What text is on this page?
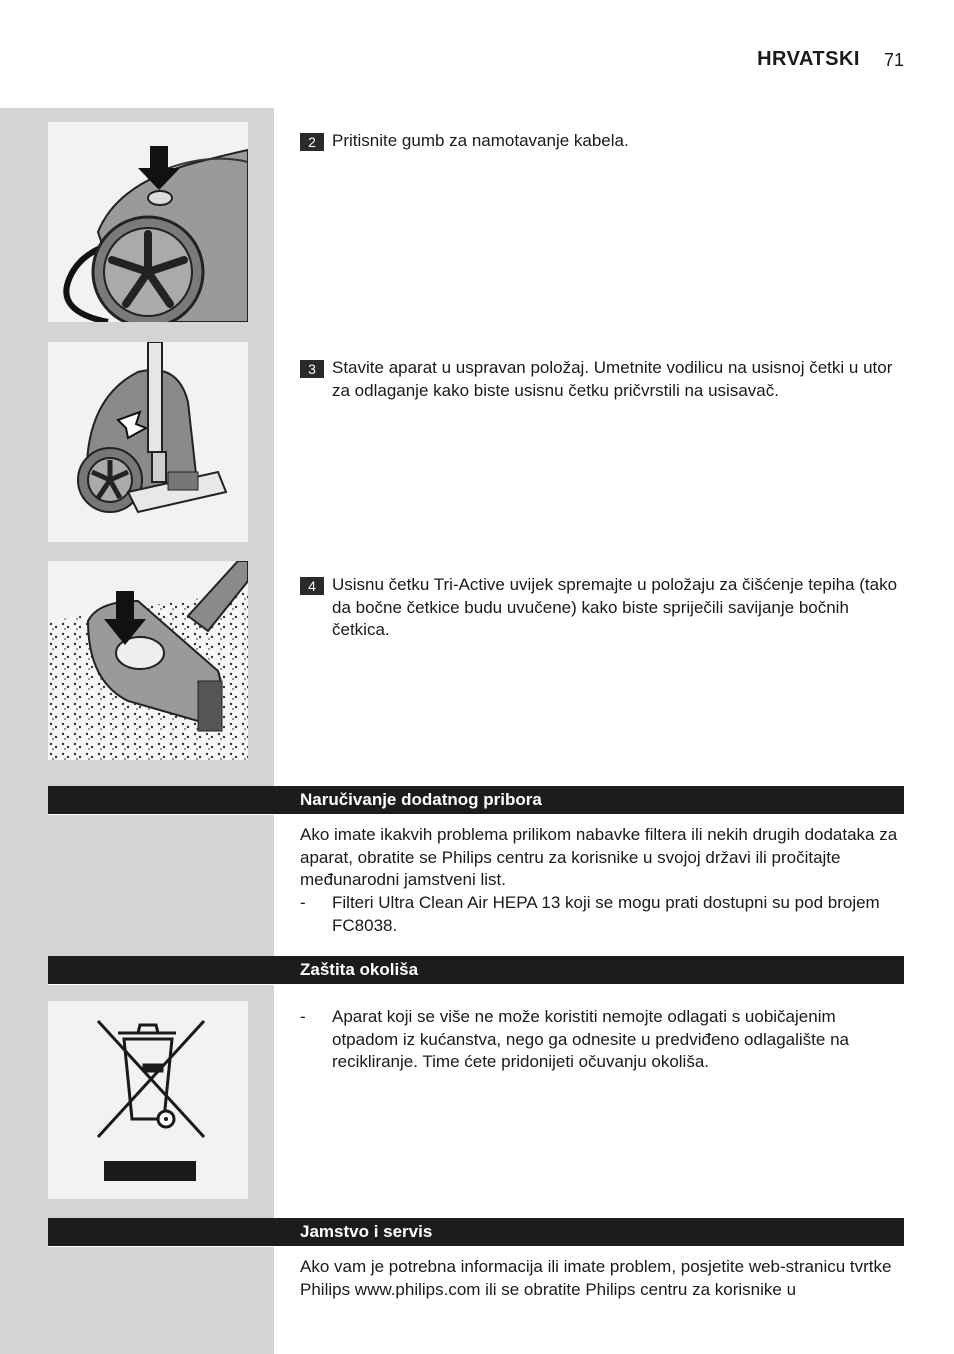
HRVATSKI 71
2 Pritisnite gumb za namotavanje kabela.
3 Stavite aparat u uspravan položaj. Umetnite vodilicu na usisnoj četki u utor za odlaganje kako biste usisnu četku pričvrstili na usisavač.
4 Usisnu četku Tri-Active uvijek spremajte u položaju za čišćenje tepiha (tako da bočne četkice budu uvučene) kako biste spriječili savijanje bočnih četkica.
Naručivanje dodatnog pribora
Ako imate ikakvih problema prilikom nabavke filtera ili nekih drugih dodataka za aparat, obratite se Philips centru za korisnike u svojoj državi ili pročitajte međunarodni jamstveni list.
- Filteri Ultra Clean Air HEPA 13 koji se mogu prati dostupni su pod brojem FC8038.
Zaštita okoliša
- Aparat koji se više ne može koristiti nemojte odlagati s uobičajenim otpadom iz kućanstva, nego ga odnesite u predviđeno odlagalište na recikliranje. Time ćete pridonijeti očuvanju okoliša.
Jamstvo i servis
Ako vam je potrebna informacija ili imate problem, posjetite web-stranicu tvrtke Philips www.philips.com ili se obratite Philips centru za korisnike u
